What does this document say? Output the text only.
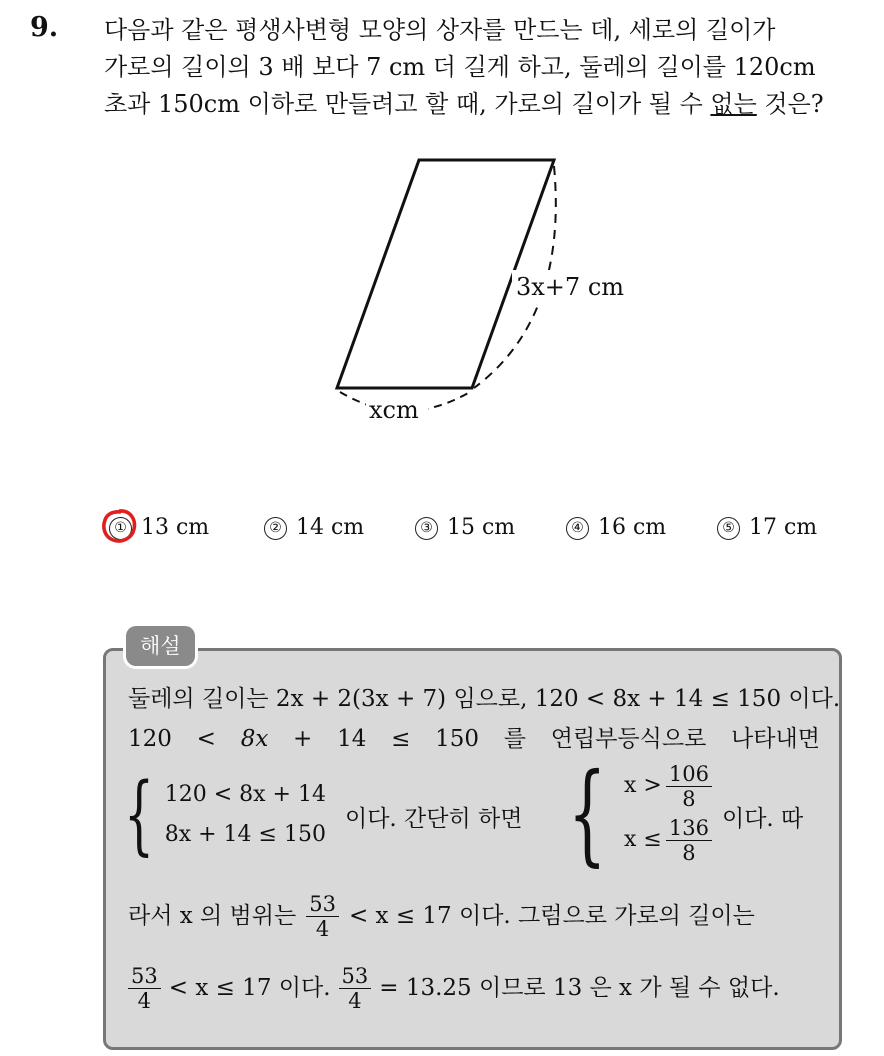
9. 다음과 같은 평생사변형 모양의 상자를 만드는 데, 세로의 길이가
가로의 길이의 3 배 보다 7 cm 더 길게 하고, 둘레의 길이를 120cm
초과 150cm 이하로 만들려고 할 때, 가로의 길이가 될 수 없는 것은?
3x+7 cm
xcm
① 13 cm	② 14 cm	③ 15 cm	④ 16 cm	⑤ 17 cm
해설
둘레의 길이는 2x + 2(3x + 7) 임으로, 120 < 8x + 14 ≤ 150 이다.
120 < 8x + 14 ≤ 150 를 연립부등식으로 나타내면
{ 120 < 8x + 14
8x + 14 ≤ 150
이다. 간단히 하면 { $x > \frac{106}{8}$
$x \le \frac{136}{8}$ 이다. 따
라서 x 의 범위는 $\frac{53}{4} < x \le 17$ 이다. 그럼으로 가로의 길이는
$\frac{53}{4} < x \le 17$ 이다. $\frac{53}{4} = 13.25$ 이므로 13 은 x 가 될 수 없다.
